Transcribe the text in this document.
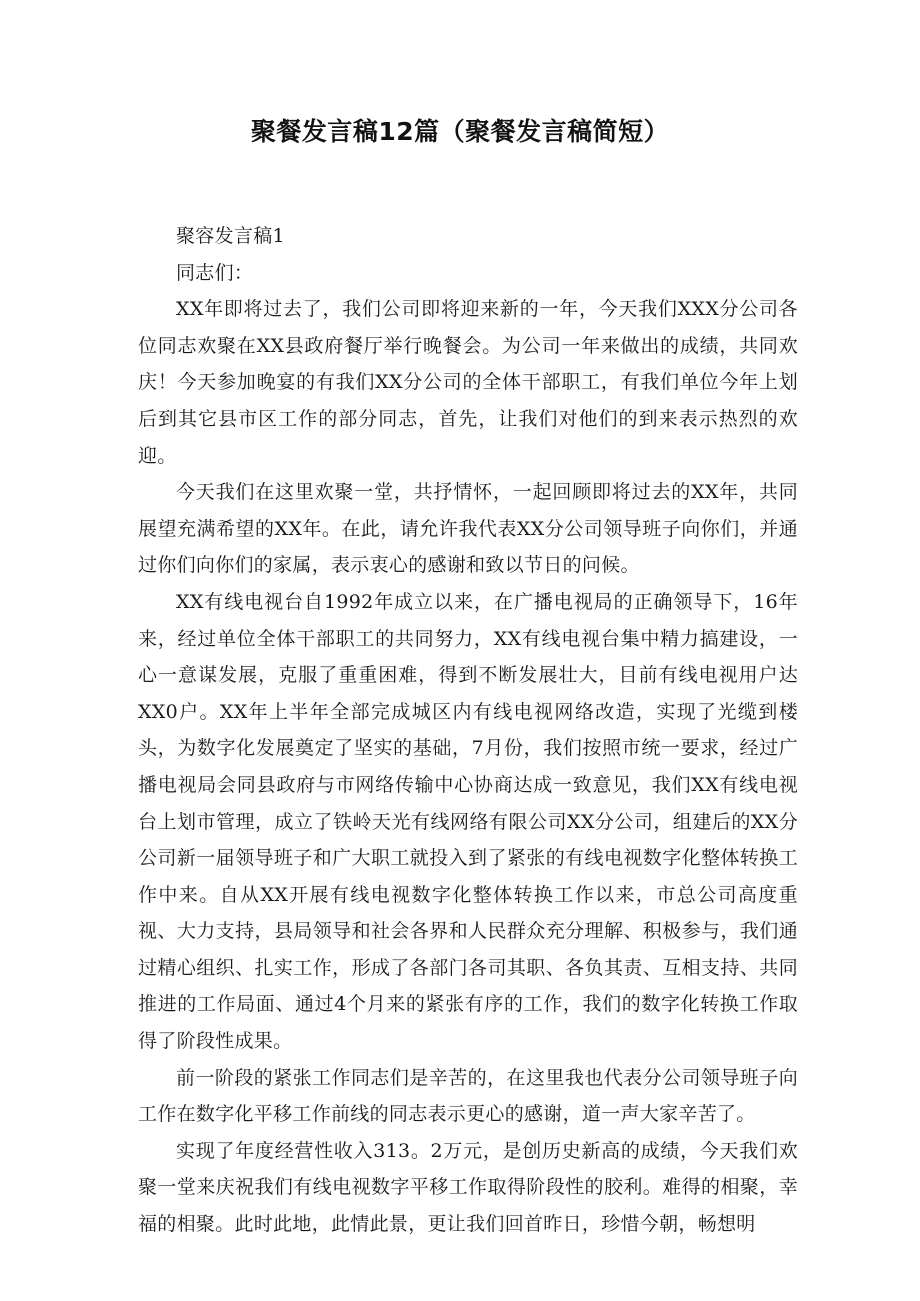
聚餐发言稿12篇（聚餐发言稿简短）

聚容发言稿1

同志们：

XX年即将过去了，我们公司即将迎来新的一年，今天我们XXX分公司各位同志欢聚在XX县政府餐厅举行晚餐会。为公司一年来做出的成绩，共同欢庆！今天参加晚宴的有我们XX分公司的全体干部职工，有我们单位今年上划后到其它县市区工作的部分同志，首先，让我们对他们的到来表示热烈的欢迎。

今天我们在这里欢聚一堂，共抒情怀，一起回顾即将过去的XX年，共同展望充满希望的XX年。在此，请允许我代表XX分公司领导班子向你们，并通过你们向你们的家属，表示衷心的感谢和致以节日的问候。

XX有线电视台自1992年成立以来，在广播电视局的正确领导下，16年来，经过单位全体干部职工的共同努力，XX有线电视台集中精力搞建设，一心一意谋发展，克服了重重困难，得到不断发展壮大，目前有线电视用户达XX0户。XX年上半年全部完成城区内有线电视网络改造，实现了光缆到楼头，为数字化发展奠定了坚实的基础，7月份，我们按照市统一要求，经过广播电视局会同县政府与市网络传输中心协商达成一致意见，我们XX有线电视台上划市管理，成立了铁岭天光有线网络有限公司XX分公司，组建后的XX分公司新一届领导班子和广大职工就投入到了紧张的有线电视数字化整体转换工作中来。自从XX开展有线电视数字化整体转换工作以来，市总公司高度重视、大力支持，县局领导和社会各界和人民群众充分理解、积极参与，我们通过精心组织、扎实工作，形成了各部门各司其职、各负其责、互相支持、共同推进的工作局面、通过4个月来的紧张有序的工作，我们的数字化转换工作取得了阶段性成果。

前一阶段的紧张工作同志们是辛苦的，在这里我也代表分公司领导班子向工作在数字化平移工作前线的同志表示更心的感谢，道一声大家辛苦了。

实现了年度经营性收入313。2万元，是创历史新高的成绩，今天我们欢聚一堂来庆祝我们有线电视数字平移工作取得阶段性的胶利。难得的相聚，幸福的相聚。此时此地，此情此景，更让我们回首昨日，珍惜今朝，畅想明
